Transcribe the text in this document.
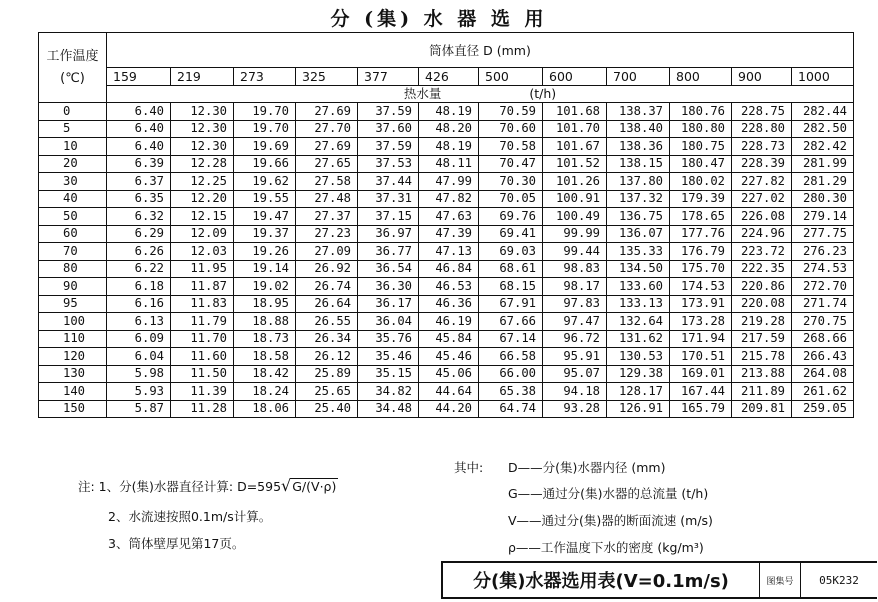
分 (集) 水 器 选 用
工作温度
(℃)	筒体直径 D (mm)											
	159	219	273	325	377	426	500	600	700	800	900	1000
	热水量 (t/h)											
0	6.40	12.30	19.70	27.69	37.59	48.19	70.59	101.68	138.37	180.76	228.75	282.44
5	6.40	12.30	19.70	27.70	37.60	48.20	70.60	101.70	138.40	180.80	228.80	282.50
10	6.40	12.30	19.69	27.69	37.59	48.19	70.58	101.67	138.36	180.75	228.73	282.42
20	6.39	12.28	19.66	27.65	37.53	48.11	70.47	101.52	138.15	180.47	228.39	281.99
30	6.37	12.25	19.62	27.58	37.44	47.99	70.30	101.26	137.80	180.02	227.82	281.29
40	6.35	12.20	19.55	27.48	37.31	47.82	70.05	100.91	137.32	179.39	227.02	280.30
50	6.32	12.15	19.47	27.37	37.15	47.63	69.76	100.49	136.75	178.65	226.08	279.14
60	6.29	12.09	19.37	27.23	36.97	47.39	69.41	99.99	136.07	177.76	224.96	277.75
70	6.26	12.03	19.26	27.09	36.77	47.13	69.03	99.44	135.33	176.79	223.72	276.23
80	6.22	11.95	19.14	26.92	36.54	46.84	68.61	98.83	134.50	175.70	222.35	274.53
90	6.18	11.87	19.02	26.74	36.30	46.53	68.15	98.17	133.60	174.53	220.86	272.70
95	6.16	11.83	18.95	26.64	36.17	46.36	67.91	97.83	133.13	173.91	220.08	271.74
100	6.13	11.79	18.88	26.55	36.04	46.19	67.66	97.47	132.64	173.28	219.28	270.75
110	6.09	11.70	18.73	26.34	35.76	45.84	67.14	96.72	131.62	171.94	217.59	268.66
120	6.04	11.60	18.58	26.12	35.46	45.46	66.58	95.91	130.53	170.51	215.78	266.43
130	5.98	11.50	18.42	25.89	35.15	45.06	66.00	95.07	129.38	169.01	213.88	264.08
140	5.93	11.39	18.24	25.65	34.82	44.64	65.38	94.18	128.17	167.44	211.89	261.62
150	5.87	11.28	18.06	25.40	34.48	44.20	64.74	93.28	126.91	165.79	209.81	259.05
注: 1、分(集)水器直径计算: D=595√G/(V·ρ)
2、水流速按照0.1m/s计算。
3、筒体壁厚见第17页。
其中: D——分(集)水器内径 (mm)
G——通过分(集)水器的总流量 (t/h)
V——通过分(集)器的断面流速 (m/s)
ρ——工作温度下水的密度 (kg/m³)
分(集)水器选用表(V=0.1m/s)	图集号	05K232
